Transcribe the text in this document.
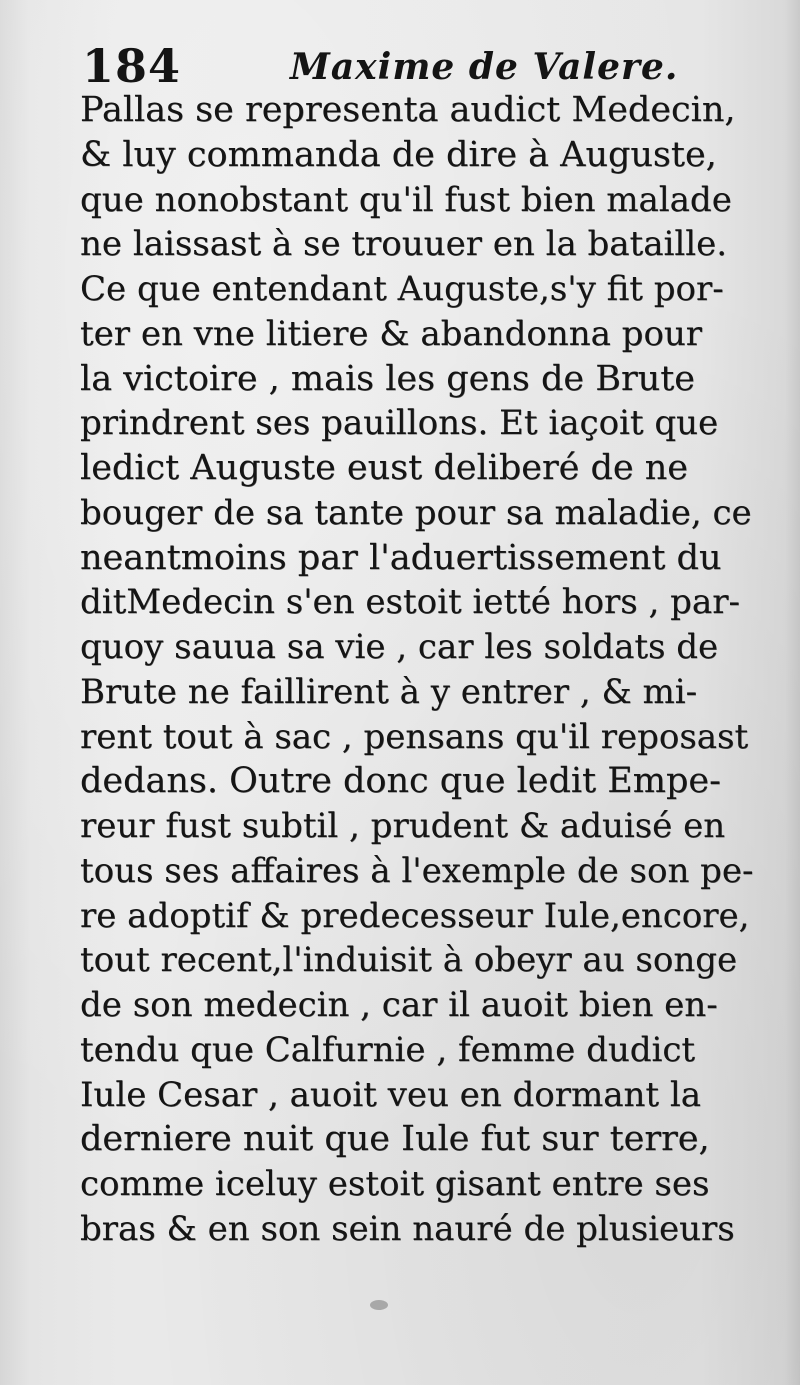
184	Maxime de Valere.
Pallas se representa audict Medecin,
& luy commanda de dire à Auguste,
que nonobstant qu'il fust bien malade
ne laissast à se trouuer en la bataille.
Ce que entendant Auguste,s'y fit por-
ter en vne litiere & abandonna pour
la victoire , mais les gens de Brute
prindrent ses pauillons. Et iaçoit que
ledict Auguste eust deliberé de ne
bouger de sa tante pour sa maladie, ce
neantmoins par l'aduertissement du
ditMedecin s'en estoit ietté hors , par-
quoy sauua sa vie , car les soldats de
Brute ne faillirent à y entrer , & mi-
rent tout à sac , pensans qu'il reposast
dedans. Outre donc que ledit Empe-
reur fust subtil , prudent & aduisé en
tous ses affaires à l'exemple de son pe-
re adoptif & predecesseur Iule,encore,
tout recent,l'induisit à obeyr au songe
de son medecin , car il auoit bien en-
tendu que Calfurnie , femme dudict
Iule Cesar , auoit veu en dormant la
derniere nuit que Iule fut sur terre,
comme iceluy estoit gisant entre ses
bras & en son sein nauré de plusieurs
